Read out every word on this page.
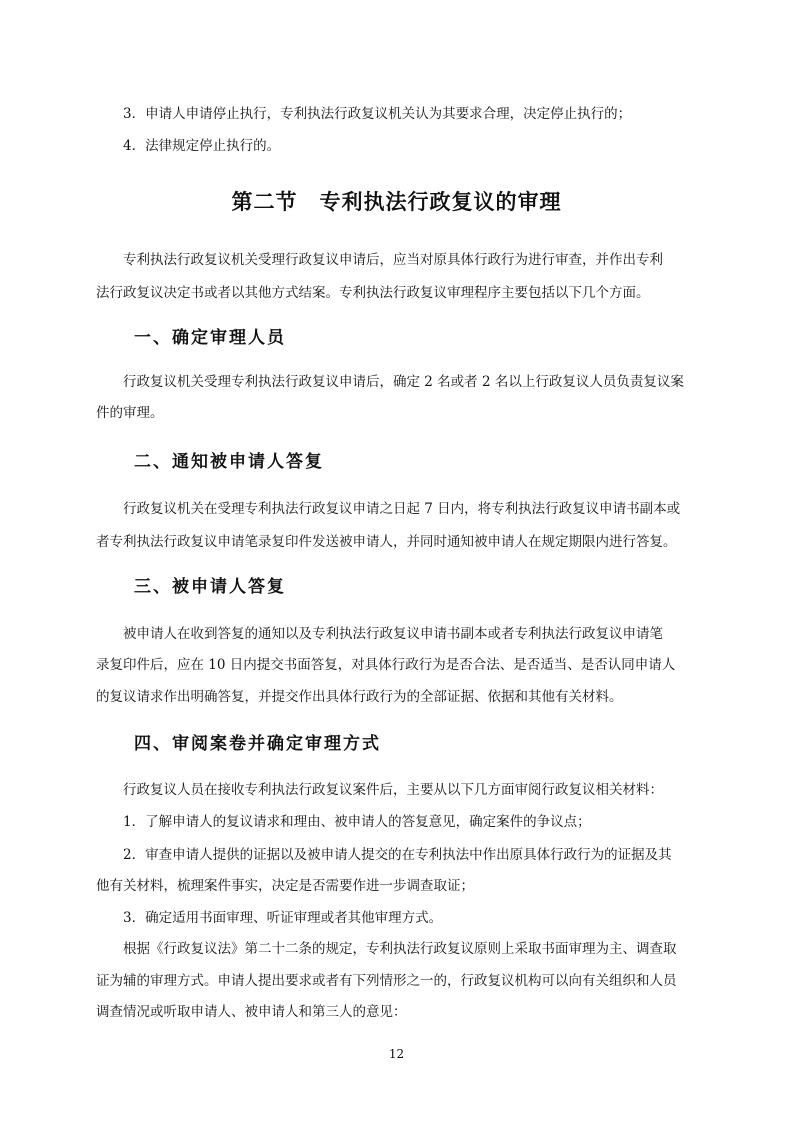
3．申请人申请停止执行，专利执法行政复议机关认为其要求合理，决定停止执行的；

4．法律规定停止执行的。

第二节　专利执法行政复议的审理

专利执法行政复议机关受理行政复议申请后，应当对原具体行政行为进行审查，并作出专利

法行政复议决定书或者以其他方式结案。专利执法行政复议审理程序主要包括以下几个方面。

一、确定审理人员

行政复议机关受理专利执法行政复议申请后，确定 2 名或者 2 名以上行政复议人员负责复议案

件的审理。

二、通知被申请人答复

行政复议机关在受理专利执法行政复议申请之日起 7 日内，将专利执法行政复议申请书副本或

者专利执法行政复议申请笔录复印件发送被申请人，并同时通知被申请人在规定期限内进行答复。

三、被申请人答复

被申请人在收到答复的通知以及专利执法行政复议申请书副本或者专利执法行政复议申请笔

录复印件后，应在 10 日内提交书面答复，对具体行政行为是否合法、是否适当、是否认同申请人

的复议请求作出明确答复，并提交作出具体行政行为的全部证据、依据和其他有关材料。

四、审阅案卷并确定审理方式

行政复议人员在接收专利执法行政复议案件后，主要从以下几方面审阅行政复议相关材料：

1．了解申请人的复议请求和理由、被申请人的答复意见，确定案件的争议点；

2．审查申请人提供的证据以及被申请人提交的在专利执法中作出原具体行政行为的证据及其

他有关材料，梳理案件事实，决定是否需要作进一步调查取证；

3．确定适用书面审理、听证审理或者其他审理方式。

根据《行政复议法》第二十二条的规定，专利执法行政复议原则上采取书面审理为主、调查取

证为辅的审理方式。申请人提出要求或者有下列情形之一的，行政复议机构可以向有关组织和人员

调查情况或听取申请人、被申请人和第三人的意见：

12
